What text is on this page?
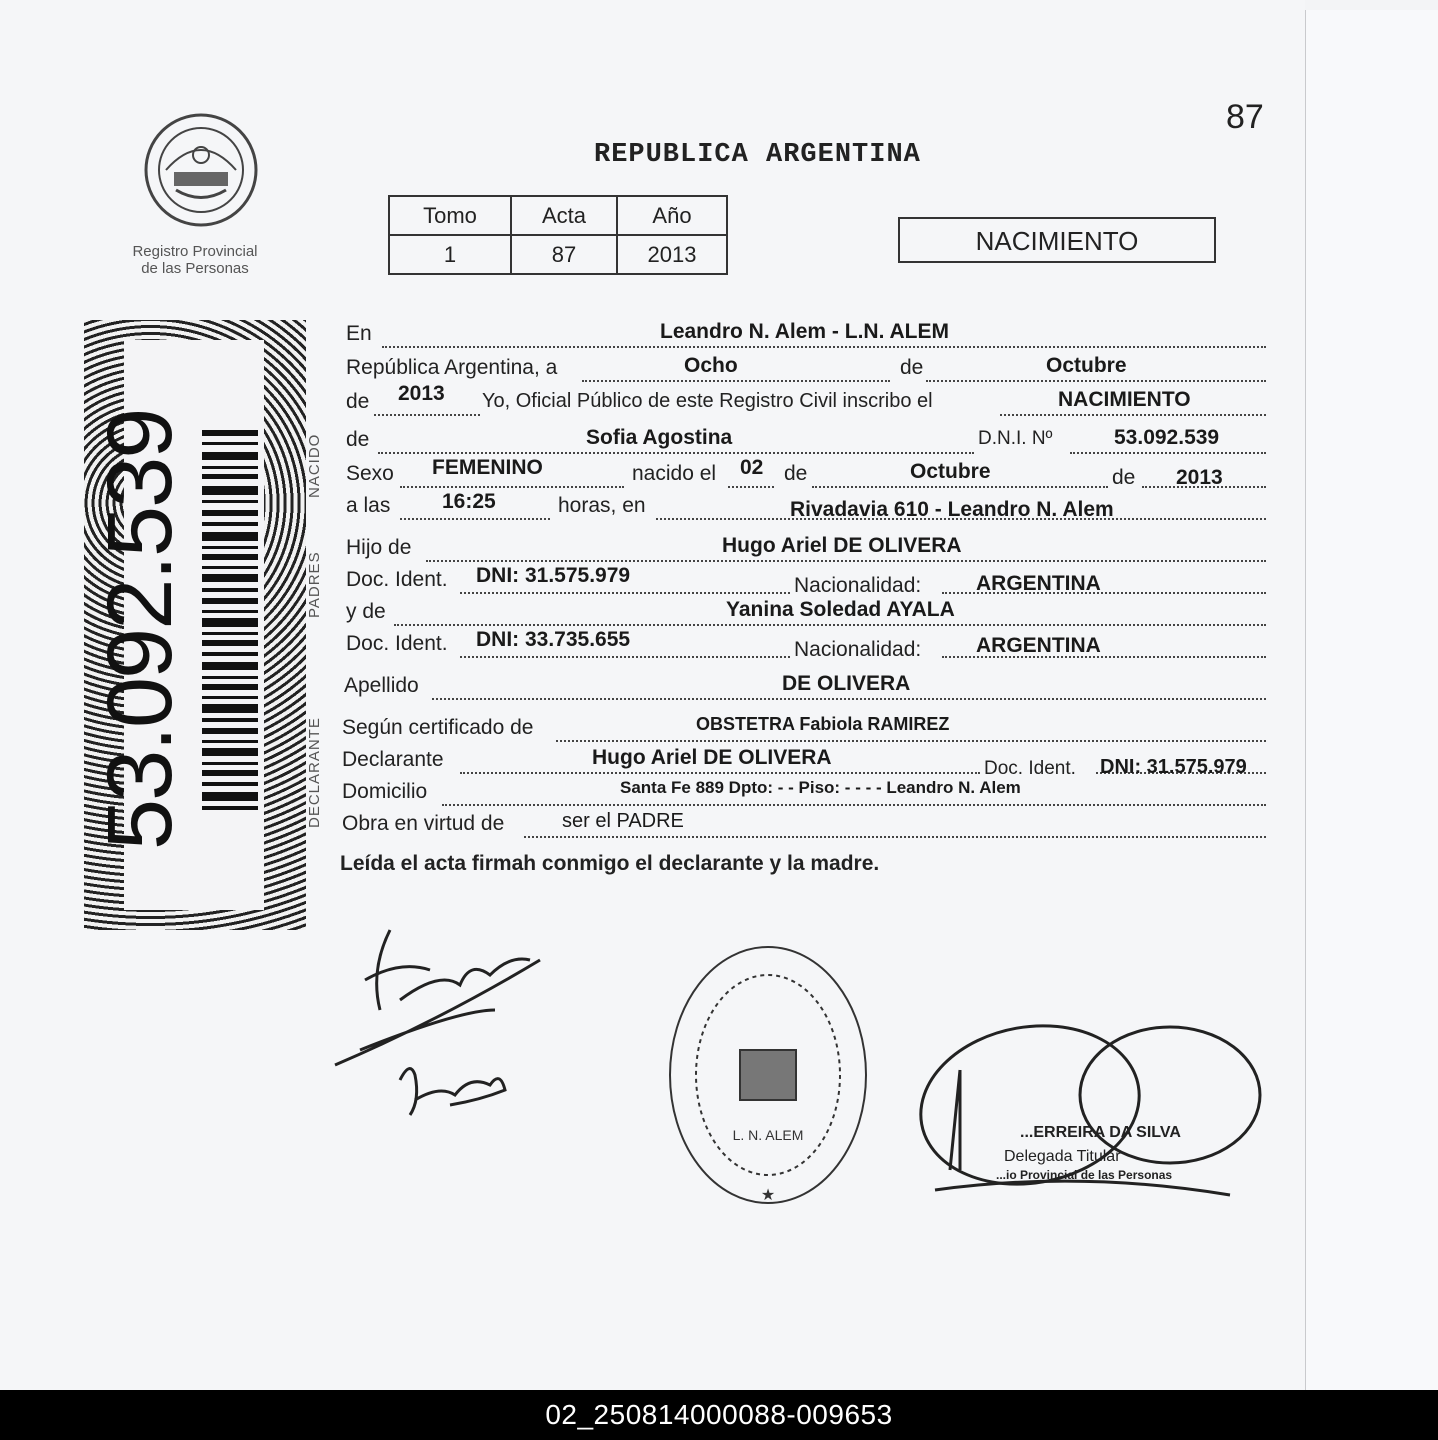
87
REPUBLICA ARGENTINA
Registro Provincial
de las Personas
Tomo	Acta	Año
1	87	2013	NACIMIENTO
53.092.539	NACIDO
PADRES
DECLARANTE
En	Leandro N. Alem - L.N. ALEM
República Argentina, a	Ocho	de	Octubre
de 2013 Yo, Oficial Público de este Registro Civil inscribo el	NACIMIENTO
de	Sofia Agostina	D.N.I. Nº	53.092.539
Sexo FEMENINO	nacido el 02 de	Octubre	de 2013
a las 16:25	horas, en	Rivadavia 610 - Leandro N. Alem
Hijo de	Hugo Ariel DE OLIVERA
Doc. Ident. DNI: 31.575.979	Nacionalidad:	ARGENTINA
y de	Yanina Soledad AYALA
Doc. Ident. DNI: 33.735.655	Nacionalidad:	ARGENTINA
Apellido	DE OLIVERA
Según certificado de	OBSTETRA Fabiola RAMIREZ
Declarante	Hugo Ariel DE OLIVERA	Doc. Ident. DNI: 31.575.979
Domicilio	Santa Fe 889 Dpto: - - Piso: - - - - Leandro N. Alem
Obra en virtud de	ser el PADRE
Leída el acta firmah conmigo el declarante y la madre.
L. N. ALEM
★
...ERREIRA DA SILVA
Delegada Titular
...io Provincial de las Personas
02_250814000088-009653
